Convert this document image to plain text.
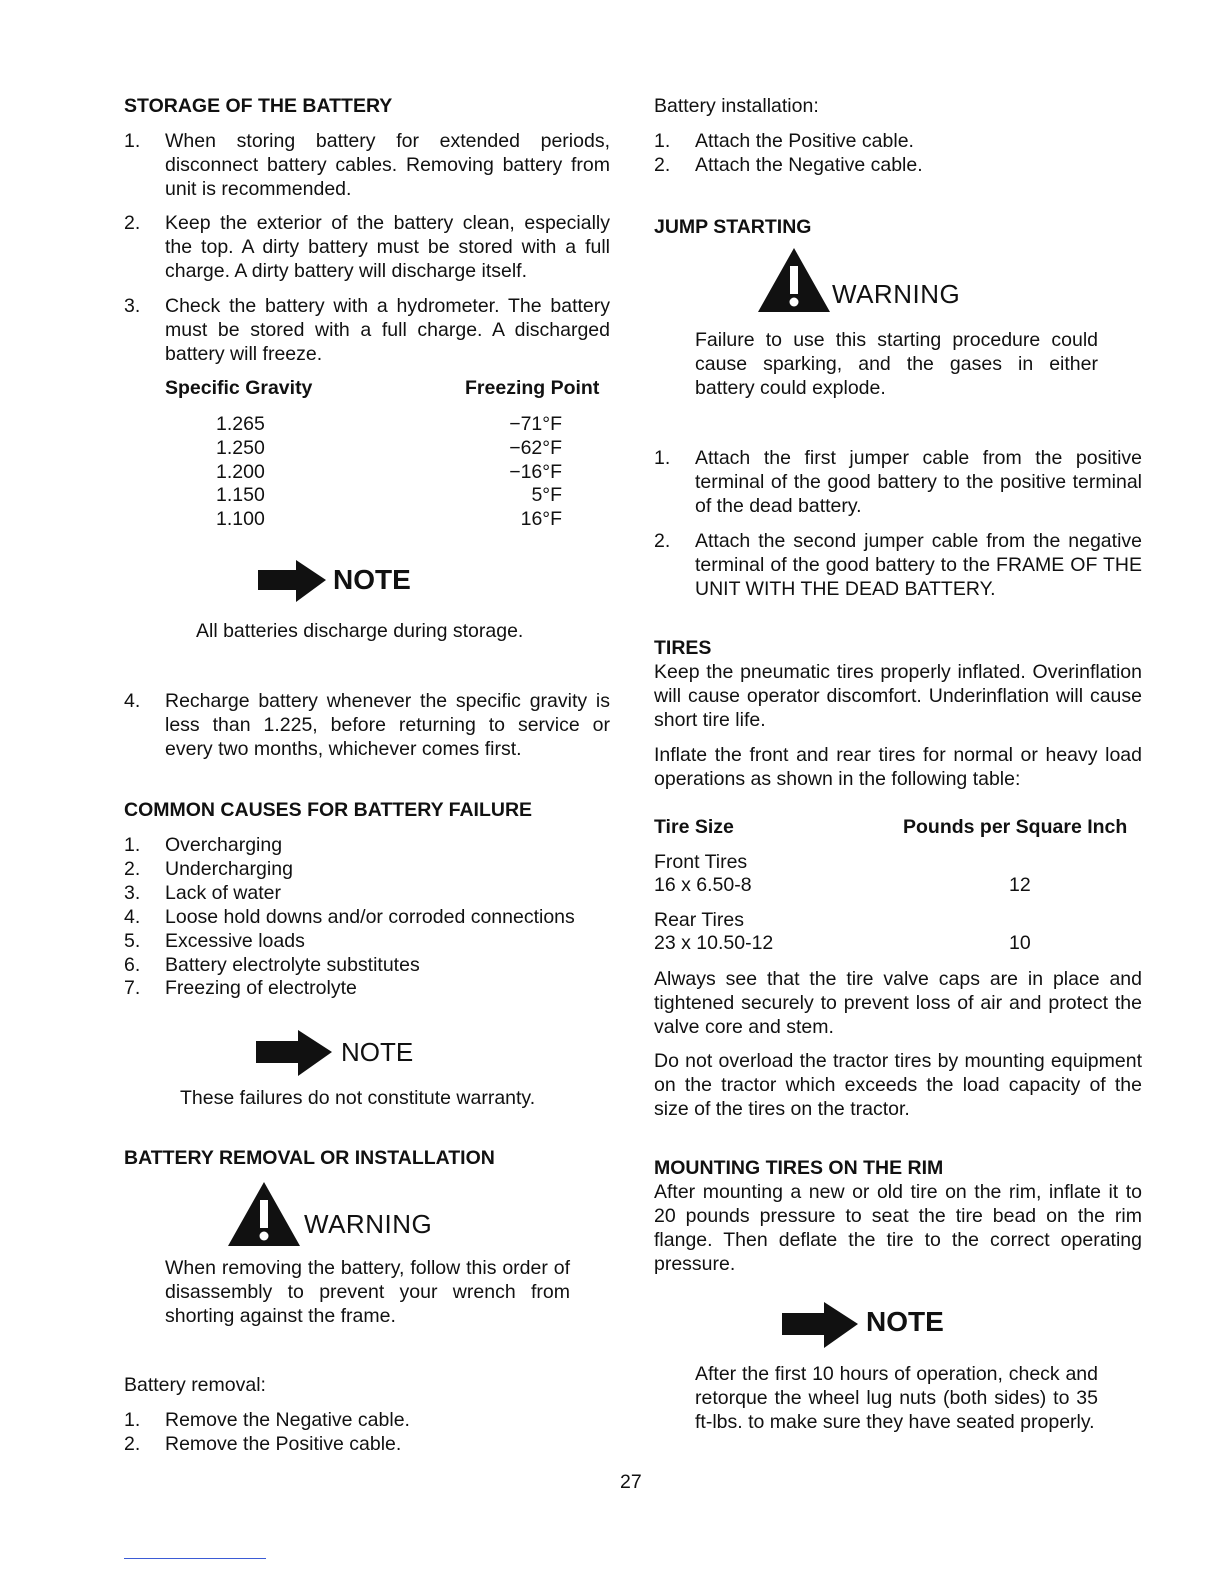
STORAGE OF THE BATTERY
1. When storing battery for extended periods, disconnect battery cables. Removing battery from unit is recommended.
2. Keep the exterior of the battery clean, especially the top. A dirty battery must be stored with a full charge. A dirty battery will discharge itself.
3. Check the battery with a hydrometer. The battery must be stored with a full charge. A discharged battery will freeze.
Specific Gravity	Freezing Point
1.265	−71°F
1.250	−62°F
1.200	−16°F
1.150	5°F
1.100	16°F
NOTE
All batteries discharge during storage.
4. Recharge battery whenever the specific gravity is less than 1.225, before returning to service or every two months, whichever comes first.
COMMON CAUSES FOR BATTERY FAILURE
1. Overcharging
2. Undercharging
3. Lack of water
4. Loose hold downs and/or corroded connections
5. Excessive loads
6. Battery electrolyte substitutes
7. Freezing of electrolyte
NOTE
These failures do not constitute warranty.
BATTERY REMOVAL OR INSTALLATION
WARNING
When removing the battery, follow this order of disassembly to prevent your wrench from shorting against the frame.
Battery removal:
1. Remove the Negative cable.
2. Remove the Positive cable.
Battery installation:
1. Attach the Positive cable.
2. Attach the Negative cable.
JUMP STARTING
WARNING
Failure to use this starting procedure could cause sparking, and the gases in either battery could explode.
1. Attach the first jumper cable from the positive terminal of the good battery to the positive terminal of the dead battery.
2. Attach the second jumper cable from the negative terminal of the good battery to the FRAME OF THE UNIT WITH THE DEAD BATTERY.
TIRES
Keep the pneumatic tires properly inflated. Overinflation will cause operator discomfort. Underinflation will cause short tire life.
Inflate the front and rear tires for normal or heavy load operations as shown in the following table:
Tire Size	Pounds per Square Inch
Front Tires
16 x 6.50-8	12
Rear Tires
23 x 10.50-12	10
Always see that the tire valve caps are in place and tightened securely to prevent loss of air and protect the valve core and stem.
Do not overload the tractor tires by mounting equipment on the tractor which exceeds the load capacity of the size of the tires on the tractor.
MOUNTING TIRES ON THE RIM
After mounting a new or old tire on the rim, inflate it to 20 pounds pressure to seat the tire bead on the rim flange. Then deflate the tire to the correct operating pressure.
NOTE
After the first 10 hours of operation, check and retorque the wheel lug nuts (both sides) to 35 ft-lbs. to make sure they have seated properly.
27
